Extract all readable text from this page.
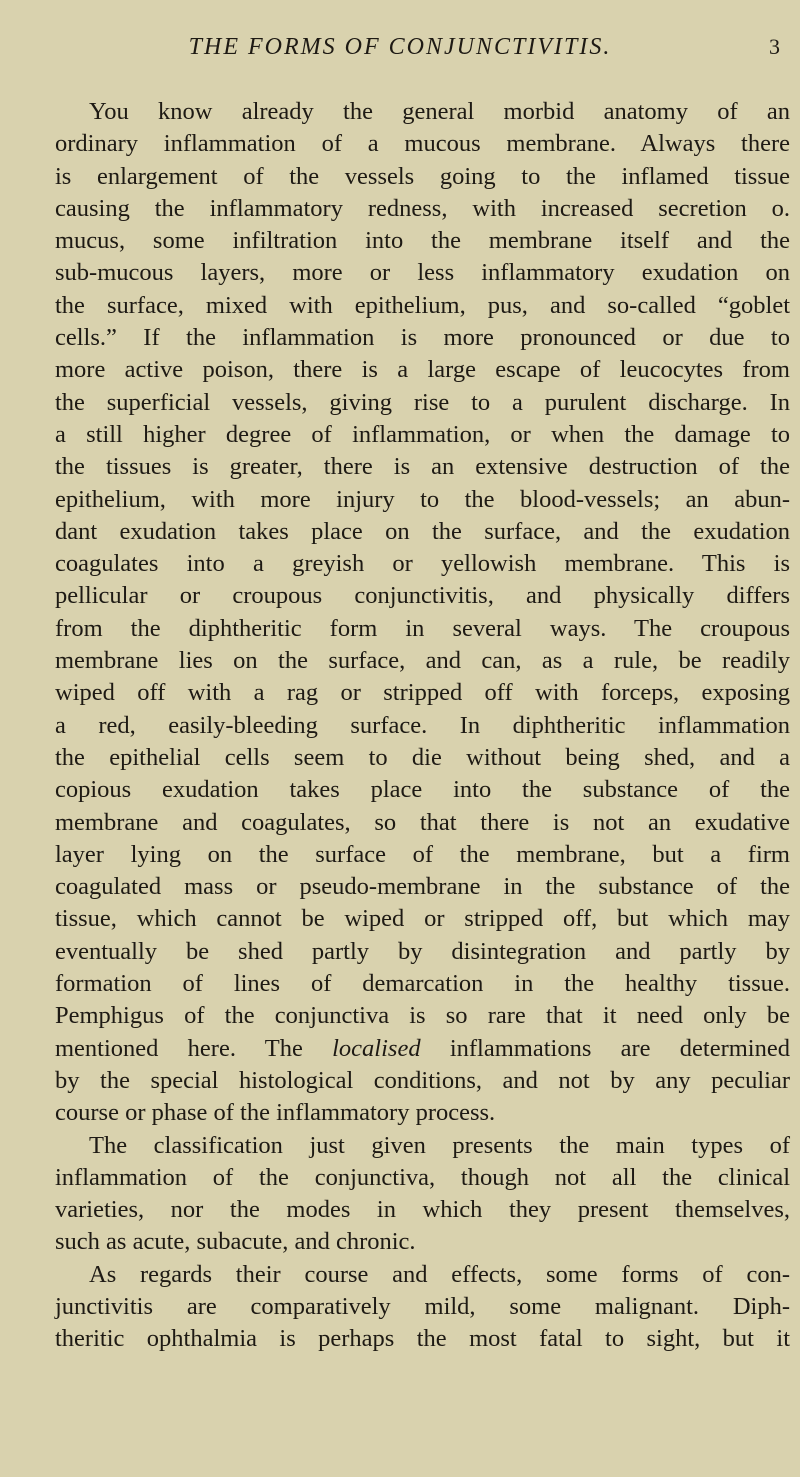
THE FORMS OF CONJUNCTIVITIS.	3
You know already the general morbid anatomy of an
ordinary inflammation of a mucous membrane. Always there
is enlargement of the vessels going to the inflamed tissue
causing the inflammatory redness, with increased secretion o.
mucus, some infiltration into the membrane itself and the
sub-mucous layers, more or less inflammatory exudation on
the surface, mixed with epithelium, pus, and so-called “goblet
cells.” If the inflammation is more pronounced or due to
more active poison, there is a large escape of leucocytes from
the superficial vessels, giving rise to a purulent discharge. In
a still higher degree of inflammation, or when the damage to
the tissues is greater, there is an extensive destruction of the
epithelium, with more injury to the blood-vessels; an abun-
dant exudation takes place on the surface, and the exudation
coagulates into a greyish or yellowish membrane. This is
pellicular or croupous conjunctivitis, and physically differs
from the diphtheritic form in several ways. The croupous
membrane lies on the surface, and can, as a rule, be readily
wiped off with a rag or stripped off with forceps, exposing
a red, easily-bleeding surface. In diphtheritic inflammation
the epithelial cells seem to die without being shed, and a
copious exudation takes place into the substance of the
membrane and coagulates, so that there is not an exudative
layer lying on the surface of the membrane, but a firm
coagulated mass or pseudo-membrane in the substance of the
tissue, which cannot be wiped or stripped off, but which may
eventually be shed partly by disintegration and partly by
formation of lines of demarcation in the healthy tissue.
Pemphigus of the conjunctiva is so rare that it need only be
mentioned here. The localised inflammations are determined
by the special histological conditions, and not by any peculiar
course or phase of the inflammatory process.
The classification just given presents the main types of
inflammation of the conjunctiva, though not all the clinical
varieties, nor the modes in which they present themselves,
such as acute, subacute, and chronic.
As regards their course and effects, some forms of con-
junctivitis are comparatively mild, some malignant. Diph-
theritic ophthalmia is perhaps the most fatal to sight, but it
